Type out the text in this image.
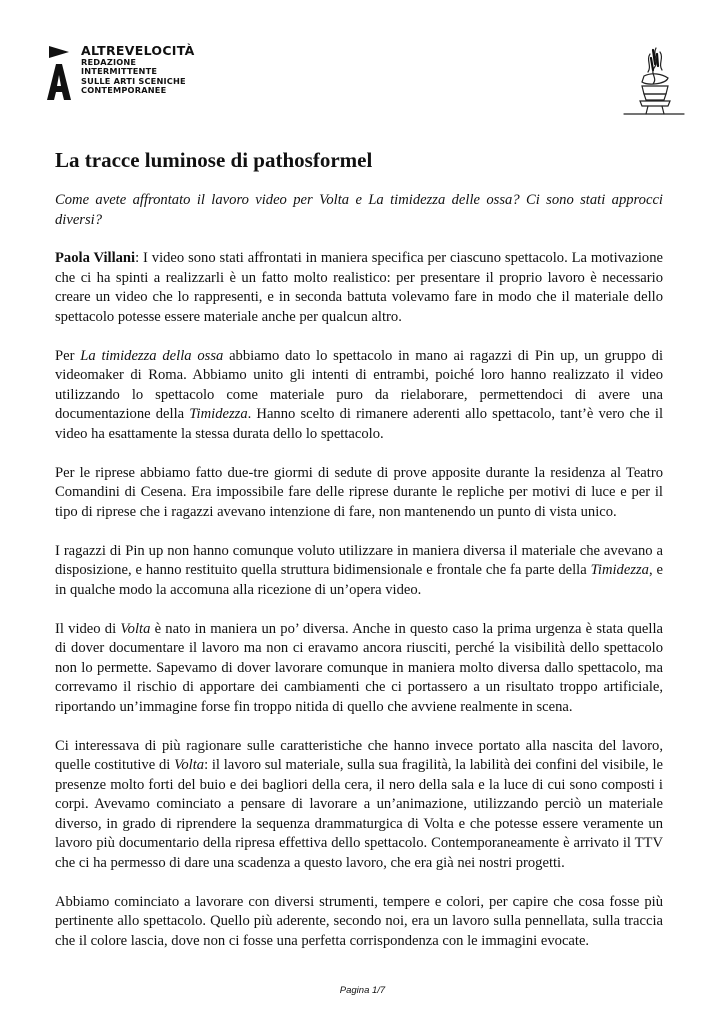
ALTREVELOCITÀ
REDAZIONE
INTERMITTENTE
SULLE ARTI SCENICHE
CONTEMPORANEE
La tracce luminose di pathosformel

Come avete affrontato il lavoro video per Volta e La timidezza delle ossa? Ci sono stati approcci diversi?

Paola Villani: I video sono stati affrontati in maniera specifica per ciascuno spettacolo. La motivazione che ci ha spinti a realizzarli è un fatto molto realistico: per presentare il proprio lavoro è necessario creare un video che lo rappresenti, e in seconda battuta volevamo fare in modo che il materiale dello spettacolo potesse essere materiale anche per qualcun altro.

Per La timidezza della ossa abbiamo dato lo spettacolo in mano ai ragazzi di Pin up, un gruppo di videomaker di Roma. Abbiamo unito gli intenti di entrambi, poiché loro hanno realizzato il video utilizzando lo spettacolo come materiale puro da rielaborare, permettendoci di avere una documentazione della Timidezza. Hanno scelto di rimanere aderenti allo spettacolo, tant’è vero che il video ha esattamente la stessa durata dello lo spettacolo.

Per le riprese abbiamo fatto due-tre giormi di sedute di prove apposite durante la residenza al Teatro Comandini di Cesena. Era impossibile fare delle riprese durante le repliche per motivi di luce e per il tipo di riprese che i ragazzi avevano intenzione di fare, non mantenendo un punto di vista unico.

I ragazzi di Pin up non hanno comunque voluto utilizzare in maniera diversa il materiale che avevano a disposizione, e hanno restituito quella struttura bidimensionale e frontale che fa parte della Timidezza, e in qualche modo la accomuna alla ricezione di un’opera video.

Il video di Volta è nato in maniera un po’ diversa. Anche in questo caso la prima urgenza è stata quella di dover documentare il lavoro ma non ci eravamo ancora riusciti, perché la visibilità dello spettacolo non lo permette. Sapevamo di dover lavorare comunque in maniera molto diversa dallo spettacolo, ma correvamo il rischio di apportare dei cambiamenti che ci portassero a un risultato troppo artificiale, riportando un’immagine forse fin troppo nitida di quello che avviene realmente in scena.

Ci interessava di più ragionare sulle caratteristiche che hanno invece portato alla nascita del lavoro, quelle costitutive di Volta: il lavoro sul materiale, sulla sua fragilità, la labilità dei confini del visibile, le presenze molto forti del buio e dei bagliori della cera, il nero della sala e la luce di cui sono composti i corpi. Avevamo cominciato a pensare di lavorare a un’animazione, utilizzando perciò un materiale diverso, in grado di riprendere la sequenza drammaturgica di Volta e che potesse essere veramente un lavoro più documentario della ripresa effettiva dello spettacolo. Contemporaneamente è arrivato il TTV che ci ha permesso di dare una scadenza a questo lavoro, che era già nei nostri progetti.

Abbiamo cominciato a lavorare con diversi strumenti, tempere e colori, per capire che cosa fosse più pertinente allo spettacolo. Quello più aderente, secondo noi, era un lavoro sulla pennellata, sulla traccia che il colore lascia, dove non ci fosse una perfetta corrispondenza con le immagini evocate.

Pagina 1/7
